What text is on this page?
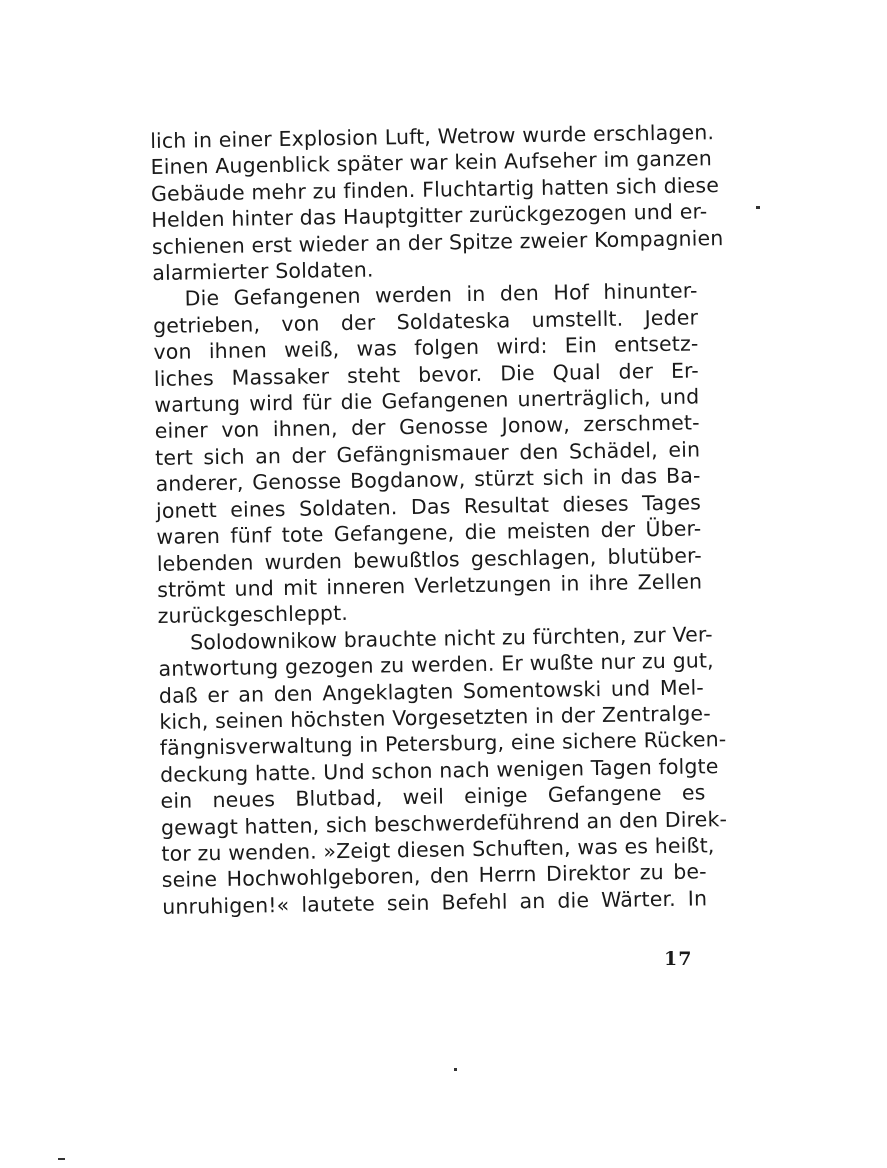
lich in einer Explosion Luft, Wetrow wurde erschlagen.
Einen Augenblick später war kein Aufseher im ganzen
Gebäude mehr zu finden. Fluchtartig hatten sich diese
Helden hinter das Hauptgitter zurückgezogen und er-
schienen erst wieder an der Spitze zweier Kompagnien
alarmierter Soldaten.
Die Gefangenen werden in den Hof hinunter-
getrieben, von der Soldateska umstellt. Jeder
von ihnen weiß, was folgen wird: Ein entsetz-
liches Massaker steht bevor. Die Qual der Er-
wartung wird für die Gefangenen unerträglich, und
einer von ihnen, der Genosse Jonow, zerschmet-
tert sich an der Gefängnismauer den Schädel, ein
anderer, Genosse Bogdanow, stürzt sich in das Ba-
jonett eines Soldaten. Das Resultat dieses Tages
waren fünf tote Gefangene, die meisten der Über-
lebenden wurden bewußtlos geschlagen, blutüber-
strömt und mit inneren Verletzungen in ihre Zellen
zurückgeschleppt.
Solodownikow brauchte nicht zu fürchten, zur Ver-
antwortung gezogen zu werden. Er wußte nur zu gut,
daß er an den Angeklagten Somentowski und Mel-
kich, seinen höchsten Vorgesetzten in der Zentralge-
fängnisverwaltung in Petersburg, eine sichere Rücken-
deckung hatte. Und schon nach wenigen Tagen folgte
ein neues Blutbad, weil einige Gefangene es
gewagt hatten, sich beschwerdeführend an den Direk-
tor zu wenden. »Zeigt diesen Schuften, was es heißt,
seine Hochwohlgeboren, den Herrn Direktor zu be-
unruhigen!« lautete sein Befehl an die Wärter. In
17
